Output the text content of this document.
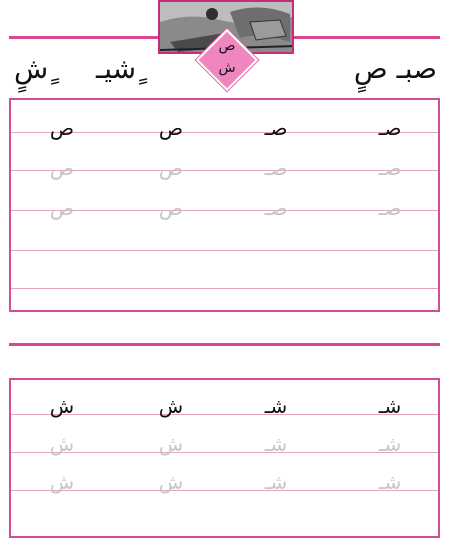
ص
ش	صبـ صٍ
ٍشيـ
ٍشٍ
ص	ص	صـ	صـ
ص	ص	صـ	صـ
ص	ص	صـ	صـ
ش	ش	شـ	شـ
ش	ش	شـ	شـ
ش	ش	شـ	شـ
